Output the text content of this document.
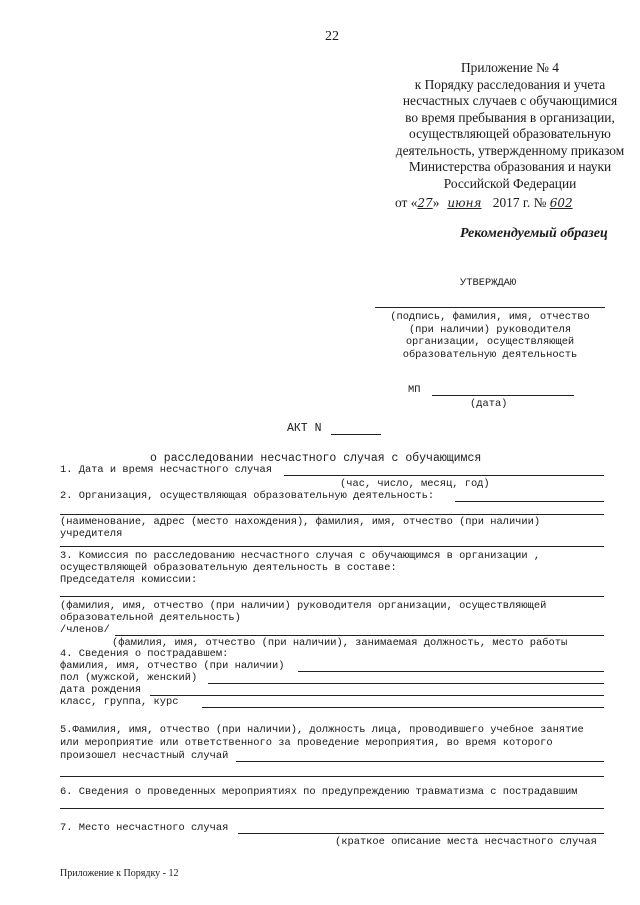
22
Приложение № 4
к Порядку расследования и учета
несчастных случаев с обучающимися
во время пребывания в организации,
осуществляющей образовательную
деятельность, утвержденному приказом
Министерства образования и науки
Российской Федерации
от «27» июня 2017 г. № 602
Рекомендуемый образец
УТВЕРЖДАЮ
(подпись, фамилия, имя, отчество
(при наличии) руководителя
организации, осуществляющей
образовательную деятельность
МП
(дата)
АКТ N
о расследовании несчастного случая с обучающимся
1. Дата и время несчастного случая
(час, число, месяц, год)
2. Организация, осуществляющая образовательную деятельность:
(наименование, адрес (место нахождения), фамилия, имя, отчество (при наличии)
учредителя
3. Комиссия по расследованию несчастного случая с обучающимся в организации ,
осуществляющей образовательную деятельность в составе:
Председателя комиссии:
(фамилия, имя, отчество (при наличии) руководителя организации, осуществляющей
образовательной деятельность)
/членов/
(фамилия, имя, отчество (при наличии), занимаемая должность, место работы
4. Сведения о пострадавшем:
фамилия, имя, отчество (при наличии)
пол (мужской, женский)
дата рождения
класс, группа, курс
5.Фамилия, имя, отчество (при наличии), должность лица, проводившего учебное занятие
или мероприятие или ответственного за проведение мероприятия, во время которого
произошел несчастный случай
6. Сведения о проведенных мероприятиях по предупреждению травматизма с пострадавшим
7. Место несчастного случая
(краткое описание места несчастного случая
Приложение к Порядку - 12
